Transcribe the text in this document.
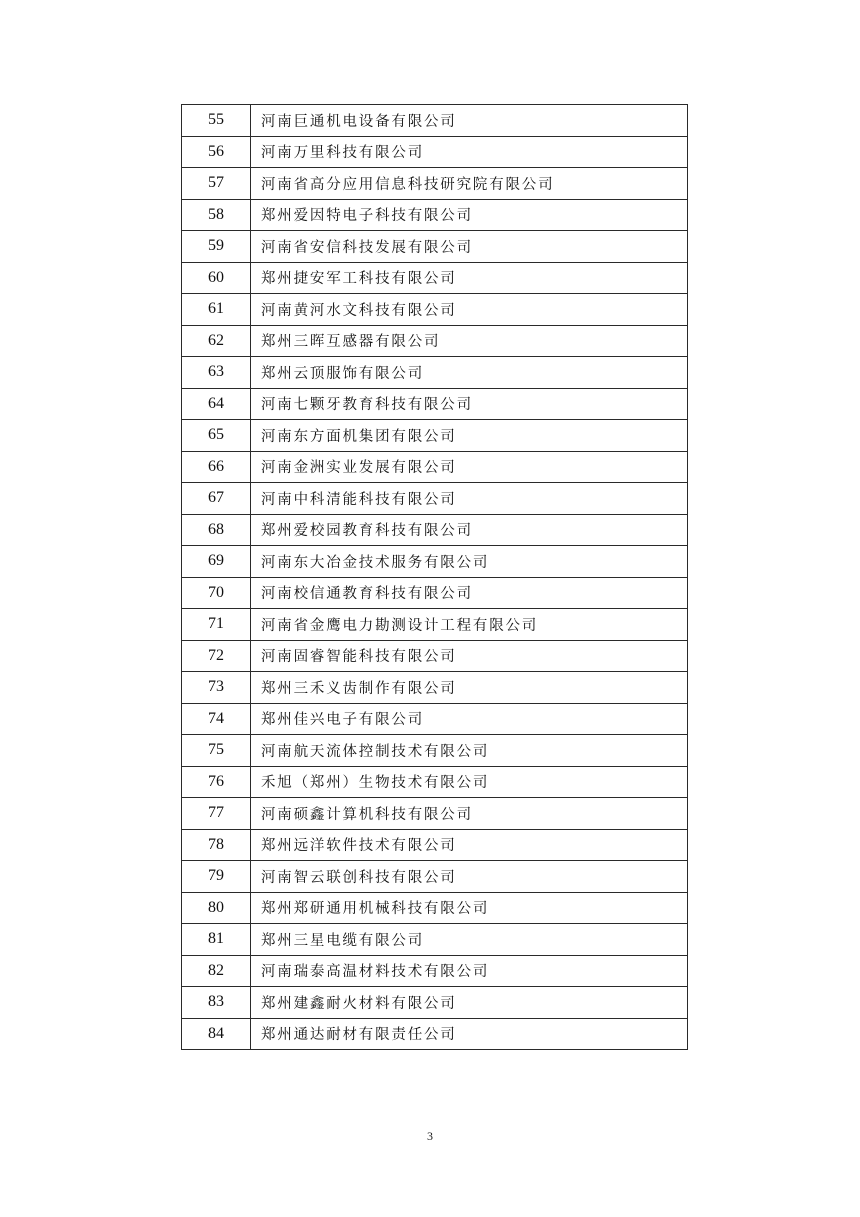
55	河南巨通机电设备有限公司
56	河南万里科技有限公司
57	河南省高分应用信息科技研究院有限公司
58	郑州爱因特电子科技有限公司
59	河南省安信科技发展有限公司
60	郑州捷安军工科技有限公司
61	河南黄河水文科技有限公司
62	郑州三晖互感器有限公司
63	郑州云顶服饰有限公司
64	河南七颗牙教育科技有限公司
65	河南东方面机集团有限公司
66	河南金洲实业发展有限公司
67	河南中科清能科技有限公司
68	郑州爱校园教育科技有限公司
69	河南东大冶金技术服务有限公司
70	河南校信通教育科技有限公司
71	河南省金鹰电力勘测设计工程有限公司
72	河南固睿智能科技有限公司
73	郑州三禾义齿制作有限公司
74	郑州佳兴电子有限公司
75	河南航天流体控制技术有限公司
76	禾旭（郑州）生物技术有限公司
77	河南硕鑫计算机科技有限公司
78	郑州远洋软件技术有限公司
79	河南智云联创科技有限公司
80	郑州郑研通用机械科技有限公司
81	郑州三星电缆有限公司
82	河南瑞泰高温材料技术有限公司
83	郑州建鑫耐火材料有限公司
84	郑州通达耐材有限责任公司
3
